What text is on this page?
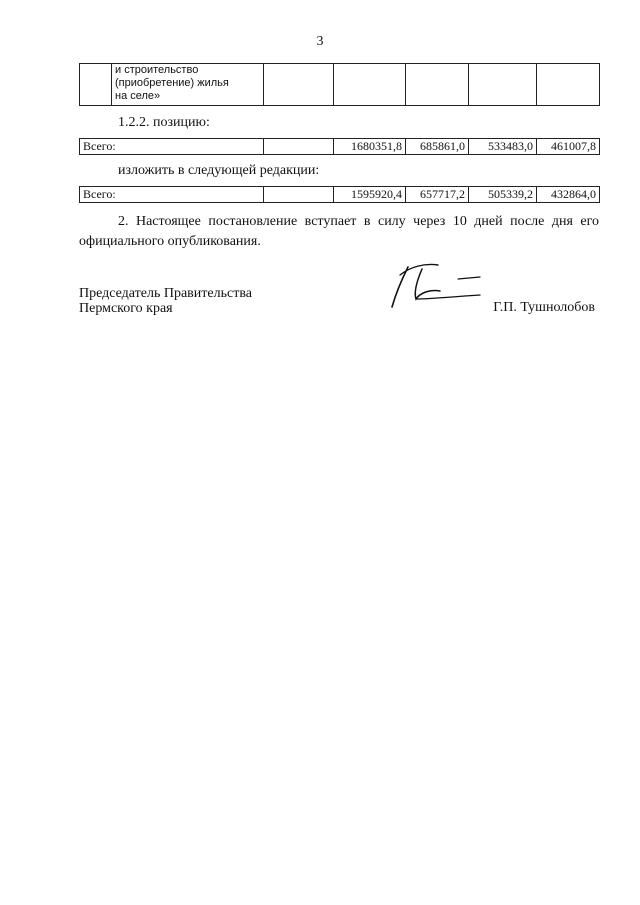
3

и строительство
(приобретение) жилья
на селе»

1.2.2. позицию:
Всего:		1680351,8	685861,0	533483,0	461007,8
изложить в следующей редакции:
Всего:		1595920,4	657717,2	505339,2	432864,0
2. Настоящее постановление вступает в силу через 10 дней после дня его официального опубликования.
Председатель Правительства
Пермского края	Г.П. Тушнолобов
